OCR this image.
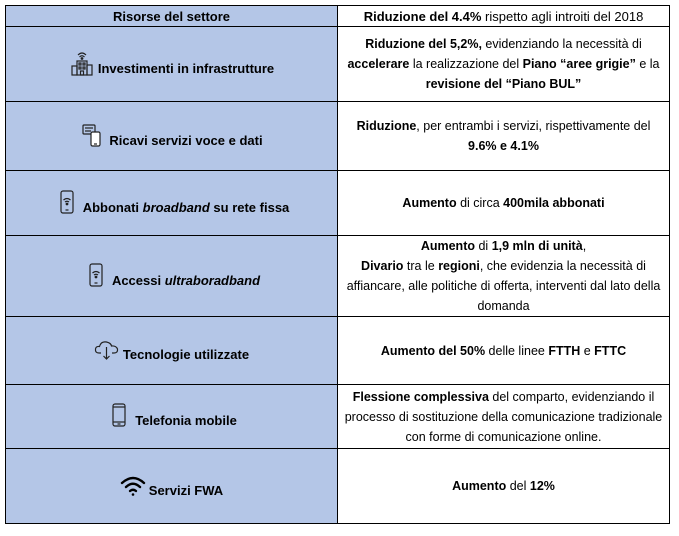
Risorse del settore	Riduzione del 4.4% rispetto agli introiti del 2018

Investimenti in infrastrutture	Riduzione del 5,2%, evidenziando la necessità di accelerare la realizzazione del Piano “aree grigie” e la revisione del “Piano BUL”

Ricavi servizi voce e dati	Riduzione, per entrambi i servizi, rispettivamente del 9.6% e 4.1%

Abbonati broadband su rete fissa	Aumento di circa 400mila abbonati

Accessi ultraboradband	Aumento di 1,9 mln di unità,
Divario tra le regioni, che evidenzia la necessità di affiancare, alle politiche di offerta, interventi dal lato della domanda

Tecnologie utilizzate	Aumento del 50% delle linee FTTH e FTTC

Telefonia mobile	Flessione complessiva del comparto, evidenziando il processo di sostituzione della comunicazione tradizionale con forme di comunicazione online.

Servizi FWA	Aumento del 12%
